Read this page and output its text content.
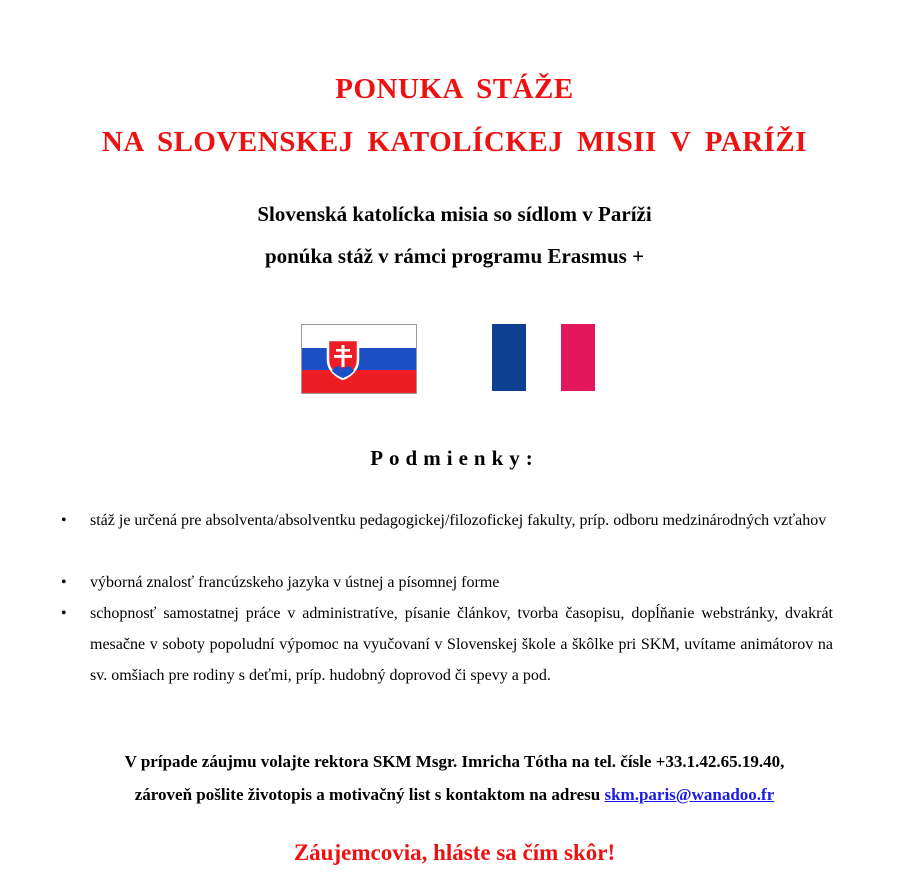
PONUKA STÁŽE
NA SLOVENSKEJ KATOLÍCKEJ MISII V PARÍŽI
Slovenská katolícka misia so sídlom v Paríži
ponúka stáž v rámci programu Erasmus +
Podmienky:
• stáž je určená pre absolventa/absolventku pedagogickej/filozofickej fakulty, príp. odboru medzinárodných vzťahov
• výborná znalosť francúzskeho jazyka v ústnej a písomnej forme
• schopnosť samostatnej práce v administratíve, písanie článkov, tvorba časopisu, dopĺňanie webstránky, dvakrát mesačne v soboty popoludní výpomoc na vyučovaní v Slovenskej škole a škôlke pri SKM, uvítame animátorov na sv. omšiach pre rodiny s deťmi, príp. hudobný doprovod či spevy a pod.
V prípade záujmu volajte rektora SKM Msgr. Imricha Tótha na tel. čísle +33.1.42.65.19.40,
zároveň pošlite životopis a motivačný list s kontaktom na adresu skm.paris@wanadoo.fr
Záujemcovia, hláste sa čím skôr!
